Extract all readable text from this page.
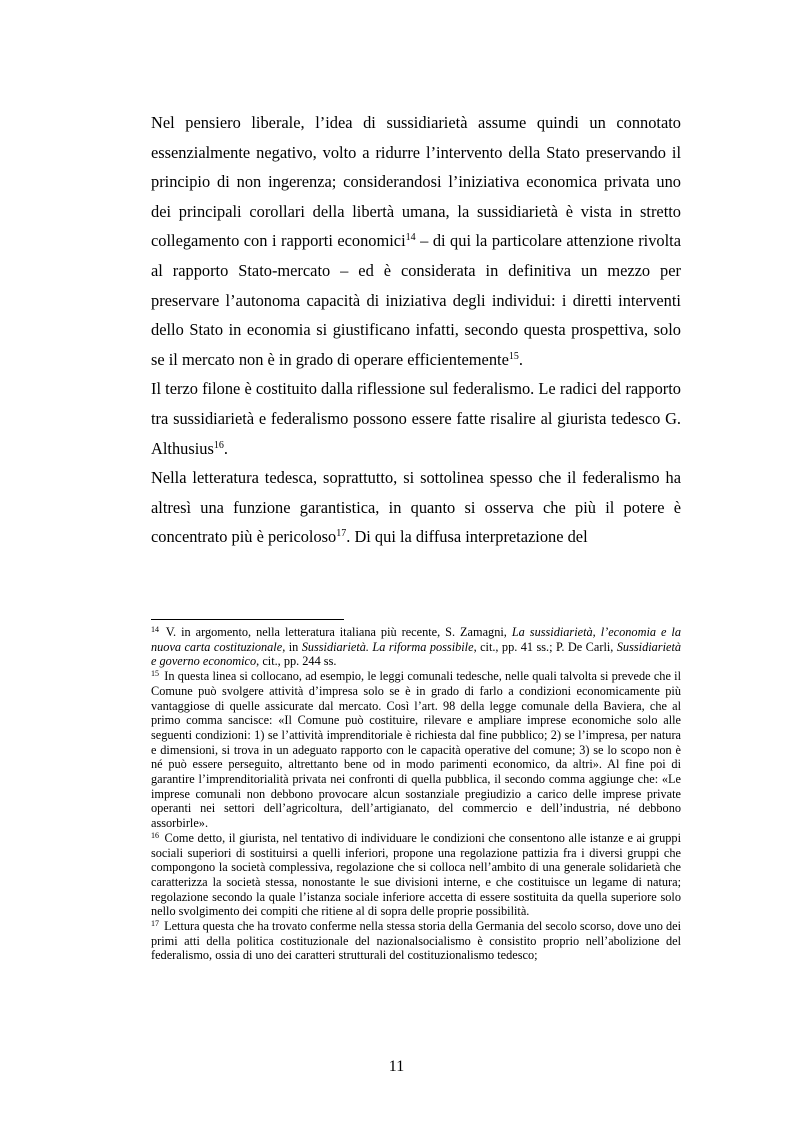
Nel pensiero liberale, l’idea di sussidiarietà assume quindi un connotato essenzialmente negativo, volto a ridurre l’intervento della Stato preservando il principio di non ingerenza; considerandosi l’iniziativa economica privata uno dei principali corollari della libertà umana, la sussidiarietà è vista in stretto collegamento con i rapporti economici$^{14}$ – di qui la particolare attenzione rivolta al rapporto Stato-mercato – ed è considerata in definitiva un mezzo per preservare l’autonoma capacità di iniziativa degli individui: i diretti interventi dello Stato in economia si giustificano infatti, secondo questa prospettiva, solo se il mercato non è in grado di operare efficientemente$^{15}$.

Il terzo filone è costituito dalla riflessione sul federalismo. Le radici del rapporto tra sussidiarietà e federalismo possono essere fatte risalire al giurista tedesco G. Althusius$^{16}$.

Nella letteratura tedesca, soprattutto, si sottolinea spesso che il federalismo ha altresì una funzione garantistica, in quanto si osserva che più il potere è concentrato più è pericoloso$^{17}$. Di qui la diffusa interpretazione del

$^{14}$ V. in argomento, nella letteratura italiana più recente, S. Zamagni, La sussidiarietà, l’economia e la nuova carta costituzionale, in Sussidiarietà. La riforma possibile, cit., pp. 41 ss.; P. De Carli, Sussidiarietà e governo economico, cit., pp. 244 ss.

$^{15}$ In questa linea si collocano, ad esempio, le leggi comunali tedesche, nelle quali talvolta si prevede che il Comune può svolgere attività d’impresa solo se è in grado di farlo a condizioni economicamente più vantaggiose di quelle assicurate dal mercato. Così l’art. 98 della legge comunale della Baviera, che al primo comma sancisce: «Il Comune può costituire, rilevare e ampliare imprese economiche solo alle seguenti condizioni: 1) se l’attività imprenditoriale è richiesta dal fine pubblico; 2) se l’impresa, per natura e dimensioni, si trova in un adeguato rapporto con le capacità operative del comune; 3) se lo scopo non è né può essere perseguito, altrettanto bene od in modo parimenti economico, da altri». Al fine poi di garantire l’imprenditorialità privata nei confronti di quella pubblica, il secondo comma aggiunge che: «Le imprese comunali non debbono provocare alcun sostanziale pregiudizio a carico delle imprese private operanti nei settori dell’agricoltura, dell’artigianato, del commercio e dell’industria, né debbono assorbirle».

$^{16}$ Come detto, il giurista, nel tentativo di individuare le condizioni che consentono alle istanze e ai gruppi sociali superiori di sostituirsi a quelli inferiori, propone una regolazione pattizia fra i diversi gruppi che compongono la società complessiva, regolazione che si colloca nell’ambito di una generale solidarietà che caratterizza la società stessa, nonostante le sue divisioni interne, e che costituisce un legame di natura; regolazione secondo la quale l’istanza sociale inferiore accetta di essere sostituita da quella superiore solo nello svolgimento dei compiti che ritiene al di sopra delle proprie possibilità.

$^{17}$ Lettura questa che ha trovato conferme nella stessa storia della Germania del secolo scorso, dove uno dei primi atti della politica costituzionale del nazionalsocialismo è consistito proprio nell’abolizione del federalismo, ossia di uno dei caratteri strutturali del costituzionalismo tedesco;

11
